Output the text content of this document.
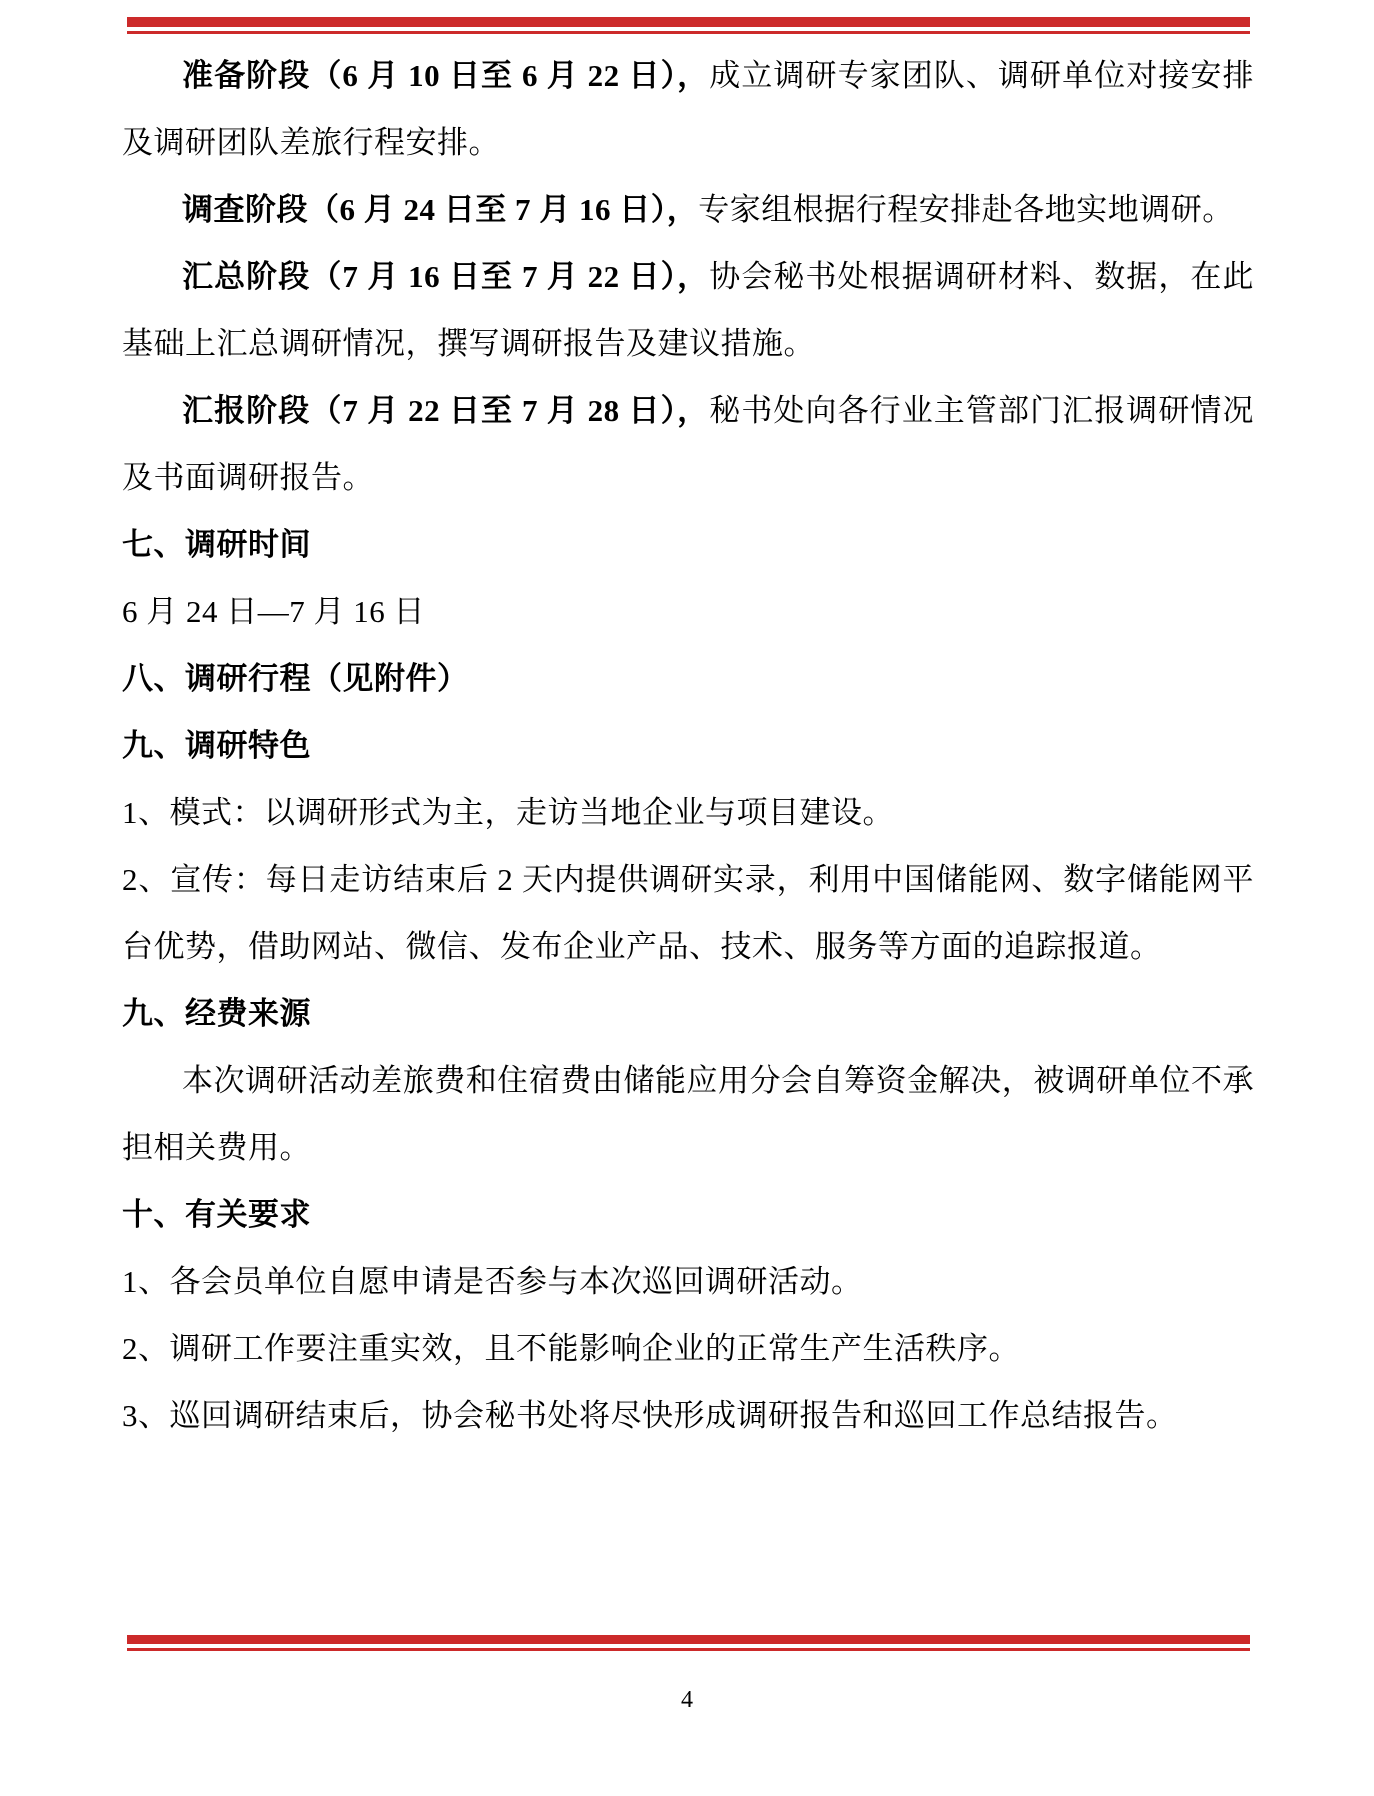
准备阶段（6 月 10 日至 6 月 22 日），成立调研专家团队、调研单位对接安排及调研团队差旅行程安排。

调查阶段（6 月 24 日至 7 月 16 日），专家组根据行程安排赴各地实地调研。

汇总阶段（7 月 16 日至 7 月 22 日），协会秘书处根据调研材料、数据，在此基础上汇总调研情况，撰写调研报告及建议措施。

汇报阶段（7 月 22 日至 7 月 28 日），秘书处向各行业主管部门汇报调研情况及书面调研报告。

七、调研时间

6 月 24 日—7 月 16 日

八、调研行程（见附件）

九、调研特色

1、模式：以调研形式为主，走访当地企业与项目建设。

2、宣传：每日走访结束后 2 天内提供调研实录，利用中国储能网、数字储能网平台优势，借助网站、微信、发布企业产品、技术、服务等方面的追踪报道。

九、经费来源

本次调研活动差旅费和住宿费由储能应用分会自筹资金解决，被调研单位不承担相关费用。

十、有关要求

1、各会员单位自愿申请是否参与本次巡回调研活动。

2、调研工作要注重实效，且不能影响企业的正常生产生活秩序。

3、巡回调研结束后，协会秘书处将尽快形成调研报告和巡回工作总结报告。

4
